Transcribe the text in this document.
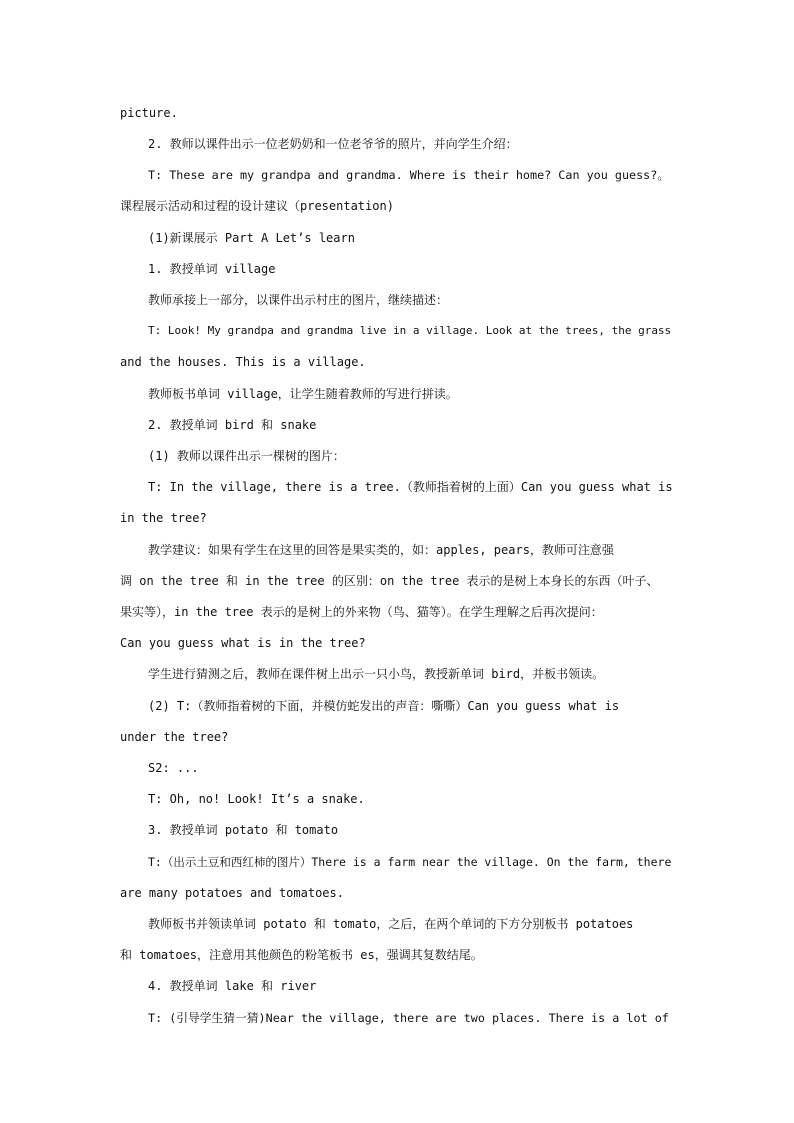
picture.
2. 教师以课件出示一位老奶奶和一位老爷爷的照片，并向学生介绍：
T: These are my grandpa and grandma. Where is their home? Can you guess?。
课程展示活动和过程的设计建议（presentation)
(1)新课展示 Part A Let’s learn
1. 教授单词 village
教师承接上一部分，以课件出示村庄的图片，继续描述：
T: Look! My grandpa and grandma live in a village. Look at the trees, the grass
and the houses. This is a village.
教师板书单词 village，让学生随着教师的写进行拼读。
2. 教授单词 bird 和 snake
(1) 教师以课件出示一棵树的图片：
T: In the village, there is a tree.（教师指着树的上面）Can you guess what is
in the tree?
教学建议：如果有学生在这里的回答是果实类的，如：apples, pears，教师可注意强
调 on the tree 和 in the tree 的区别：on the tree 表示的是树上本身长的东西（叶子、
果实等），in the tree 表示的是树上的外来物（鸟、猫等）。在学生理解之后再次提问：
Can you guess what is in the tree?
学生进行猜测之后，教师在课件树上出示一只小鸟，教授新单词 bird，并板书领读。
(2) T:（教师指着树的下面，并模仿蛇发出的声音：嘶嘶）Can you guess what is
under the tree?
S2: ...
T: Oh, no! Look! It’s a snake.
3. 教授单词 potato 和 tomato
T:（出示土豆和西红柿的图片）There is a farm near the village. On the farm, there
are many potatoes and tomatoes.
教师板书并领读单词 potato 和 tomato，之后，在两个单词的下方分别板书 potatoes
和 tomatoes，注意用其他颜色的粉笔板书 es，强调其复数结尾。
4. 教授单词 lake 和 river
T: (引导学生猜一猜)Near the village, there are two places. There is a lot of
